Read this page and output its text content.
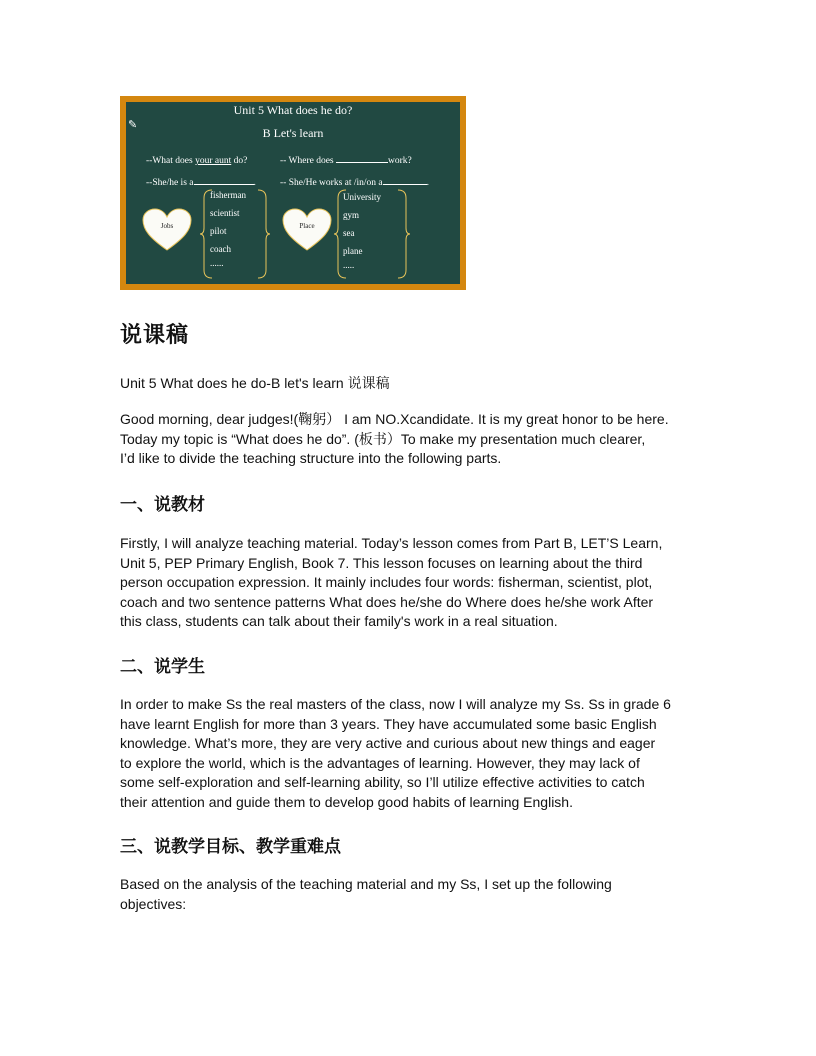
Unit 5 What does he do?
✎
B Let's learn
--What does your aunt do?	-- Where does	work?
--She/he is a	.	-- She/He works at /in/on a	.
Jobs
fisherman
scientist
pilot
coach
......
Place
University
gym
sea
plane
.....
说课稿
Unit 5 What does he do-B let's learn 说课稿
Good morning, dear judges!(鞠躬） I am NO.Xcandidate. It is my great honor to be here.
Today my topic is “What does he do”. (板书）To make my presentation much clearer,
I’d like to divide the teaching structure into the following parts.
一、说教材
Firstly, I will analyze teaching material. Today’s lesson comes from Part B, LET’S Learn,
Unit 5, PEP Primary English, Book 7. This lesson focuses on learning about the third
person occupation expression. It mainly includes four words: fisherman, scientist, plot,
coach and two sentence patterns What does he/she do Where does he/she work After
this class, students can talk about their family's work in a real situation.
二、说学生
In order to make Ss the real masters of the class, now I will analyze my Ss. Ss in grade 6
have learnt English for more than 3 years. They have accumulated some basic English
knowledge. What’s more, they are very active and curious about new things and eager
to explore the world, which is the advantages of learning. However, they may lack of
some self-exploration and self-learning ability, so I’ll utilize effective activities to catch
their attention and guide them to develop good habits of learning English.
三、说教学目标、教学重难点
Based on the analysis of the teaching material and my Ss, I set up the following
objectives:
